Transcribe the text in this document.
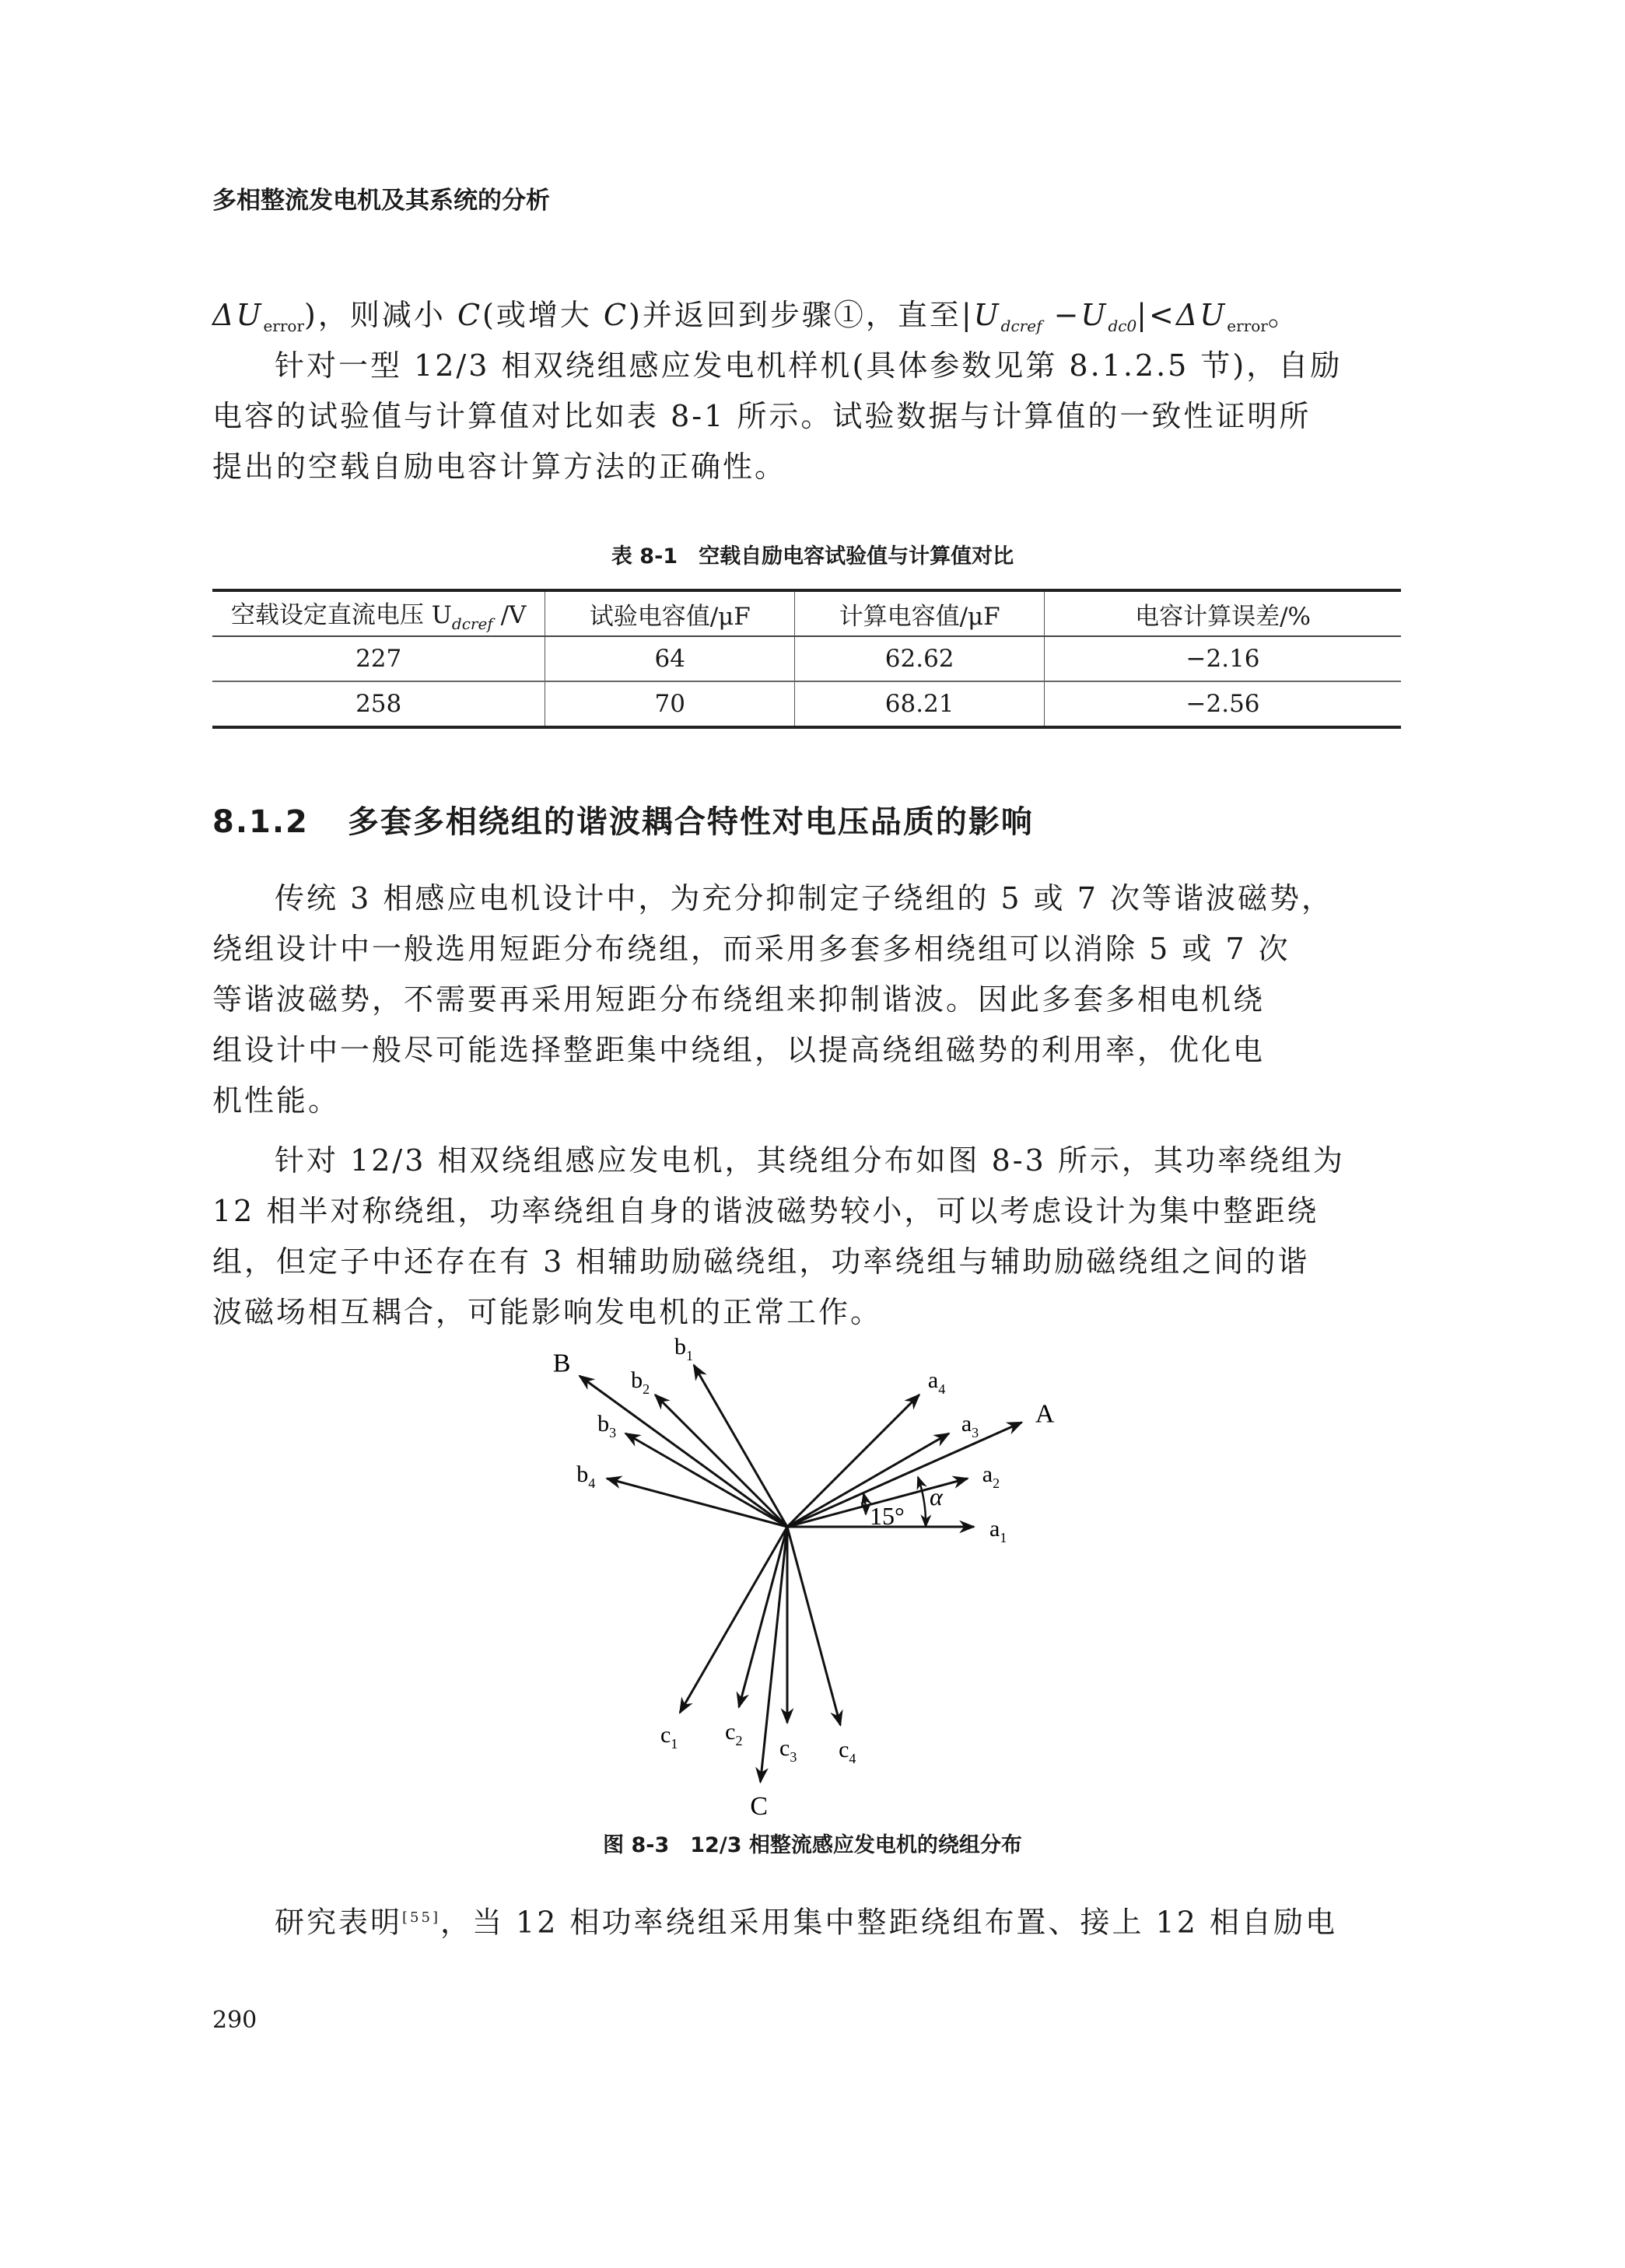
多相整流发电机及其系统的分析
$\Delta U_{error}$)，则减小 C(或增大 C)并返回到步骤①，直至$|U_{dcref} -U_{dc0}|<\Delta U_{error}$。
针对一型 12/3 相双绕组感应发电机样机(具体参数见第 8.1.2.5 节)，自励
电容的试验值与计算值对比如表 8-1 所示。试验数据与计算值的一致性证明所
提出的空载自励电容计算方法的正确性。
表 8-1　空载自励电容试验值与计算值对比
空载设定直流电压 $U_{dcref}$ /V	试验电容值/μF	计算电容值/μF	电容计算误差/%
227	64	62.62	−2.16
258	70	68.21	−2.56
8.1.2 多套多相绕组的谐波耦合特性对电压品质的影响
传统 3 相感应电机设计中，为充分抑制定子绕组的 5 或 7 次等谐波磁势，
绕组设计中一般选用短距分布绕组，而采用多套多相绕组可以消除 5 或 7 次
等谐波磁势，不需要再采用短距分布绕组来抑制谐波。因此多套多相电机绕
组设计中一般尽可能选择整距集中绕组，以提高绕组磁势的利用率，优化电
机性能。
针对 12/3 相双绕组感应发电机，其绕组分布如图 8-3 所示，其功率绕组为
12 相半对称绕组，功率绕组自身的谐波磁势较小，可以考虑设计为集中整距绕
组，但定子中还存在有 3 相辅助励磁绕组，功率绕组与辅助励磁绕组之间的谐
波磁场相互耦合，可能影响发电机的正常工作。
A
B
C
$a_1$
$a_2$
$a_3$
$a_4$
$b_1$
$b_2$
$b_3$
$b_4$
$c_1$ $c_2$ $c_3$ $c_4$
15°
α
图 8-3　12/3 相整流感应发电机的绕组分布
研究表明[55]，当 12 相功率绕组采用集中整距绕组布置、接上 12 相自励电
290
